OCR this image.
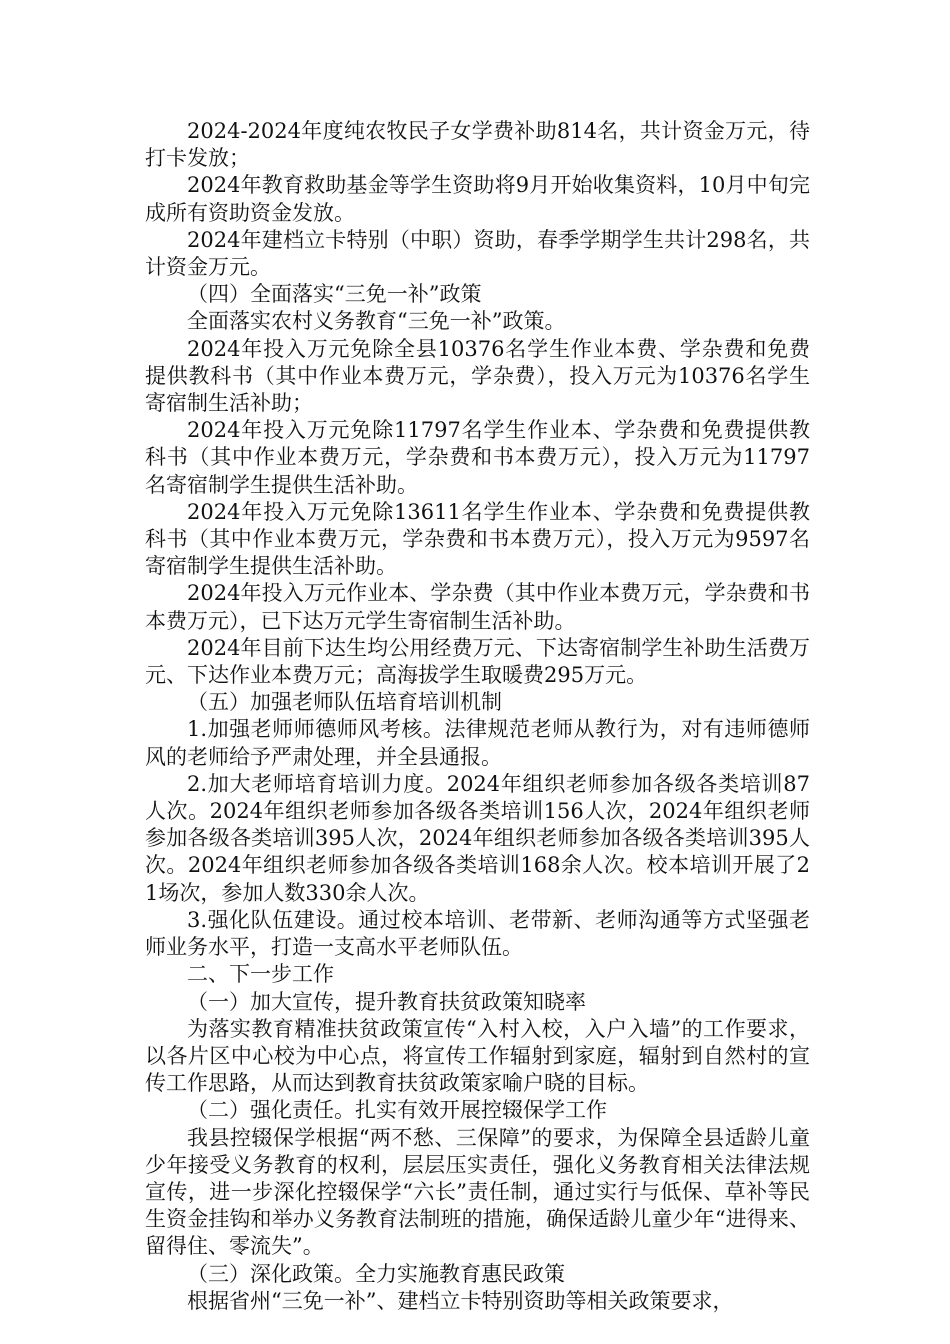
2024-2024年度纯农牧民子女学费补助814名，共计资金万元，待打卡发放；

2024年教育救助基金等学生资助将9月开始收集资料，10月中旬完成所有资助资金发放。

2024年建档立卡特别（中职）资助，春季学期学生共计298名，共计资金万元。

（四）全面落实“三免一补”政策

全面落实农村义务教育“三免一补”政策。

2024年投入万元免除全县10376名学生作业本费、学杂费和免费提供教科书（其中作业本费万元，学杂费），投入万元为10376名学生寄宿制生活补助；

2024年投入万元免除11797名学生作业本、学杂费和免费提供教科书（其中作业本费万元，学杂费和书本费万元），投入万元为11797名寄宿制学生提供生活补助。

2024年投入万元免除13611名学生作业本、学杂费和免费提供教科书（其中作业本费万元，学杂费和书本费万元），投入万元为9597名寄宿制学生提供生活补助。

2024年投入万元作业本、学杂费（其中作业本费万元，学杂费和书本费万元），已下达万元学生寄宿制生活补助。

2024年目前下达生均公用经费万元、下达寄宿制学生补助生活费万元、下达作业本费万元；高海拔学生取暖费295万元。

（五）加强老师队伍培育培训机制

1.加强老师师德师风考核。法律规范老师从教行为，对有违师德师风的老师给予严肃处理，并全县通报。

2.加大老师培育培训力度。2024年组织老师参加各级各类培训87人次。2024年组织老师参加各级各类培训156人次，2024年组织老师参加各级各类培训395人次，2024年组织老师参加各级各类培训395人次。2024年组织老师参加各级各类培训168余人次。校本培训开展了21场次，参加人数330余人次。

3.强化队伍建设。通过校本培训、老带新、老师沟通等方式坚强老师业务水平，打造一支高水平老师队伍。

二、下一步工作

（一）加大宣传，提升教育扶贫政策知晓率

为落实教育精准扶贫政策宣传“入村入校，入户入墙”的工作要求，以各片区中心校为中心点，将宣传工作辐射到家庭，辐射到自然村的宣传工作思路，从而达到教育扶贫政策家喻户晓的目标。

（二）强化责任。扎实有效开展控辍保学工作

我县控辍保学根据“两不愁、三保障”的要求，为保障全县适龄儿童少年接受义务教育的权利，层层压实责任，强化义务教育相关法律法规宣传，进一步深化控辍保学“六长”责任制，通过实行与低保、草补等民生资金挂钩和举办义务教育法制班的措施，确保适龄儿童少年“进得来、留得住、零流失”。

（三）深化政策。全力实施教育惠民政策

根据省州“三免一补”、建档立卡特别资助等相关政策要求，
